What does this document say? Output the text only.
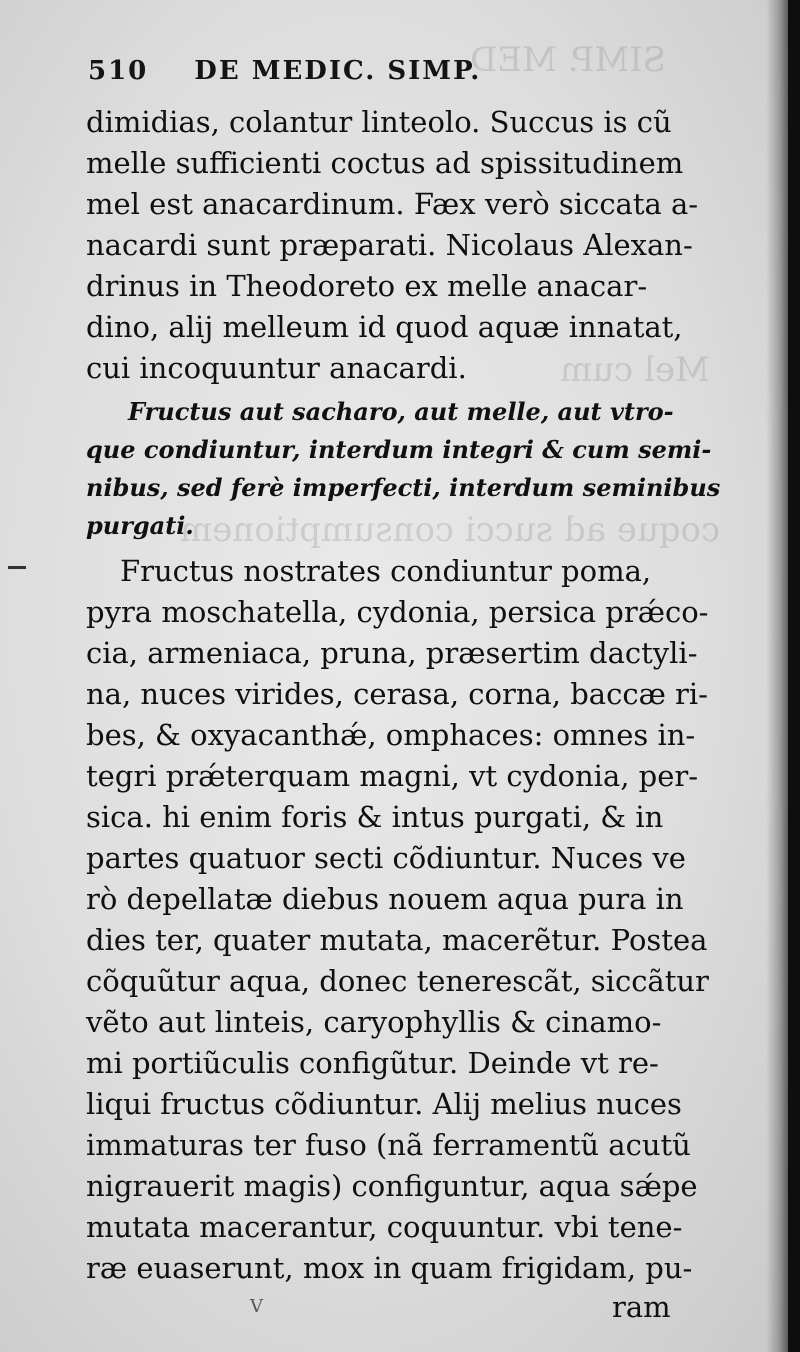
SIMP. MED
Mel cum
coque ad succi consumptionem
510 DE MEDIC. SIMP.
dimidias, colantur linteolo. Succus is cũ
melle sufficienti coctus ad spissitudinem
mel est anacardinum. Fæx verò siccata a-
nacardi sunt præparati. Nicolaus Alexan-
drinus in Theodoreto ex melle anacar-
dino, alij melleum id quod aquæ innatat,
cui incoquuntur anacardi.
Fructus aut sacharo, aut melle, aut vtro-
que condiuntur, interdum integri & cum semi-
nibus, sed ferè imperfecti, interdum seminibus
purgati.
Fructus nostrates condiuntur poma,
pyra moschatella, cydonia, persica prǽco-
cia, armeniaca, pruna, præsertim dactyli-
na, nuces virides, cerasa, corna, baccæ ri-
bes, & oxyacanthǽ, omphaces: omnes in-
tegri prǽterquam magni, vt cydonia, per-
sica. hi enim foris & intus purgati, & in
partes quatuor secti cõdiuntur. Nuces ve
rò depellatæ diebus nouem aqua pura in
dies ter, quater mutata, macerẽtur. Postea
cõquũtur aqua, donec tenerescãt, siccãtur
vẽto aut linteis, caryophyllis & cinamo-
mi portiũculis configũtur. Deinde vt re-
liqui fructus cõdiuntur. Alij melius nuces
immaturas ter fuso (nã ferramentũ acutũ
nigrauerit magis) configuntur, aqua sǽpe
mutata macerantur, coquuntur. vbi tene-
ræ euaserunt, mox in quam frigidam, pu-
V	ram
